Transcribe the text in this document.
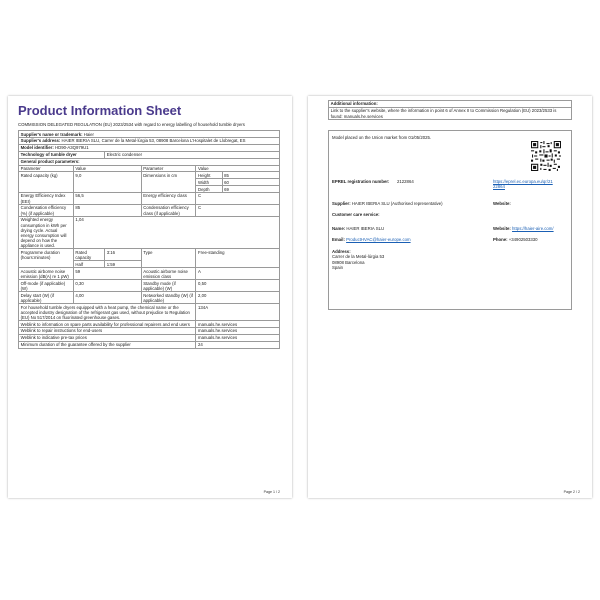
Product Information Sheet
COMMISSION DELEGATED REGULATION (EU) 2023/2534 with regard to energy labelling of household tumble dryers
Supplier's name or trademark: Haier					
Supplier's address: HAIER IBERIA SLU, Carrer de la Metal·lúrgia 53, 08908 Barcelona L'Hospitalet de Llobregat, ES					
Model identifier: HD90-A3Q979U1					
Technology of tumble dryer		Electric condenser			
General product parameters:					
Parameter	Value		Parameter	Value	
Rated capacity (kg)	9,0		Dimensions in cm	Height	85
				Width	60
				Depth	69
Energy Efficiency Index (EEI)	56,5		Energy efficiency class	C	
Condensation efficiency (%) (if applicable)	85		Condensation efficiency class (if applicable)	C	
Weighted energy consumption in kWh per drying cycle. Actual energy consumption will depend on how the appliance is used.	1,04				
Programme duration (hours:minutes)	Rated capacity	3:16	Type	Free-standing	
	Half	1:59			
Acoustic airborne noise emission (dB(A) re 1 pW)	59		Acoustic airborne noise emission class	A	
Off-mode (if applicable) (W)	0,30		Standby mode (if applicable) (W)	0,50	
Delay start (W) (if applicable)	4,00		Networked standby (W) (if applicable)	2,00	
For household tumble dryers equipped with a heat pump, the chemical name or the accepted industry designation of the refrigerant gas used, without prejudice to Regulation (EU) No 517/2014 on fluorinated greenhouse gases.				134A	
Weblink to information on spare parts availability for professional repairers and end users				manuals.he.services	
Weblink to repair instructions for end-users				manuals.he.services	
Weblink to indicative pre-tax prices				manuals.he.services	
Minimum duration of the guarantee offered by the supplier				24	
Page 1 / 2
Additional information:
Link to the supplier's website, where the information in point 6 of Annex II to Commission Regulation (EU) 2023/2533 is found: manuals.he.services
Model placed on the Union market from 01/05/2025.
EPREL registration number: 2122864	https://eprel.ec.europa.eu/qr/21
22864
Supplier: HAIER IBERIA SLU (Authorised representative)	Website:
Customer care service:
Name: HAIER IBERIA SLU	Website: https://haier-aire.com/
Email: ProductHVAC@haier-europe.com	Phone: +34902503330
Address:
Carrer de la Metal-lúrgia 53
08908 Barcelona
Spain
Page 2 / 2
